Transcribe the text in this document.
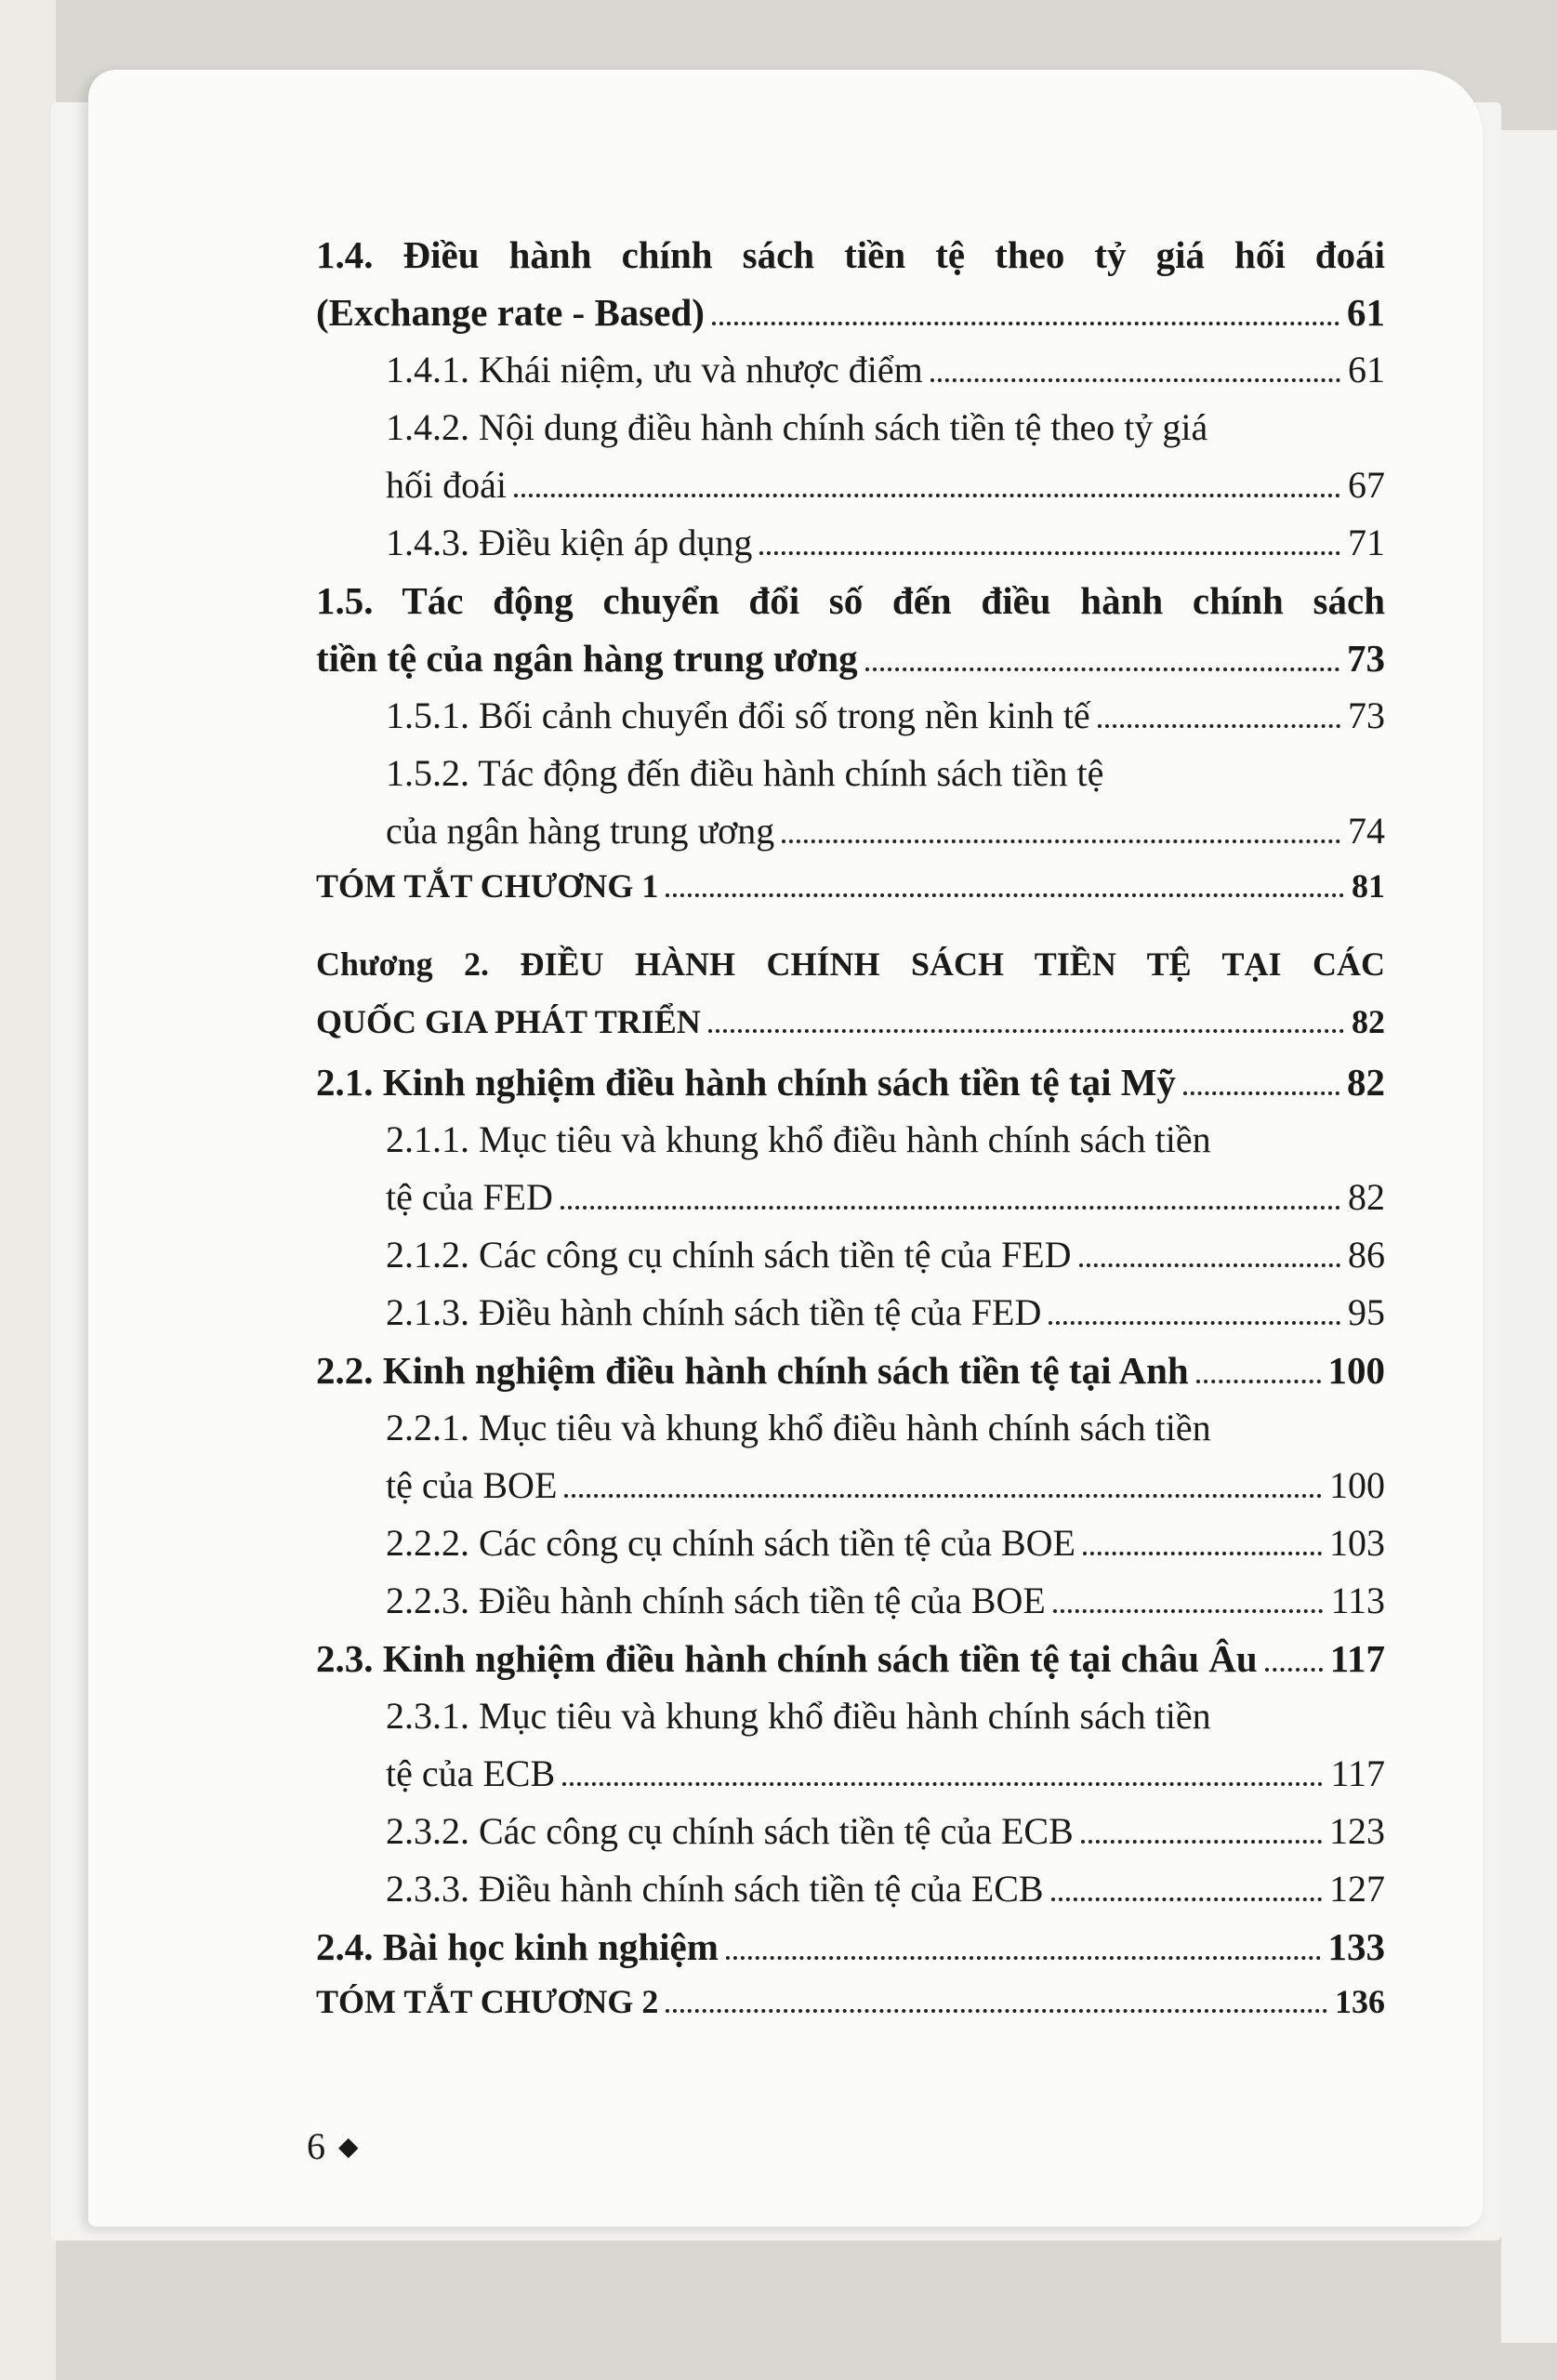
1.4. Điều hành chính sách tiền tệ theo tỷ giá hối đoái
(Exchange rate - Based)	61
1.4.1. Khái niệm, ưu và nhược điểm	61
1.4.2. Nội dung điều hành chính sách tiền tệ theo tỷ giá
hối đoái	67
1.4.3. Điều kiện áp dụng	71
1.5. Tác động chuyển đổi số đến điều hành chính sách
tiền tệ của ngân hàng trung ương	73
1.5.1. Bối cảnh chuyển đổi số trong nền kinh tế	73
1.5.2. Tác động đến điều hành chính sách tiền tệ
của ngân hàng trung ương	74
TÓM TẮT CHƯƠNG 1	81
Chương 2. ĐIỀU HÀNH CHÍNH SÁCH TIỀN TỆ TẠI CÁC
QUỐC GIA PHÁT TRIỂN	82
2.1. Kinh nghiệm điều hành chính sách tiền tệ tại Mỹ	82
2.1.1. Mục tiêu và khung khổ điều hành chính sách tiền
tệ của FED	82
2.1.2. Các công cụ chính sách tiền tệ của FED	86
2.1.3. Điều hành chính sách tiền tệ của FED	95
2.2. Kinh nghiệm điều hành chính sách tiền tệ tại Anh	100
2.2.1. Mục tiêu và khung khổ điều hành chính sách tiền
tệ của BOE	100
2.2.2. Các công cụ chính sách tiền tệ của BOE	103
2.2.3. Điều hành chính sách tiền tệ của BOE	113
2.3. Kinh nghiệm điều hành chính sách tiền tệ tại châu Âu 117
2.3.1. Mục tiêu và khung khổ điều hành chính sách tiền
tệ của ECB	117
2.3.2. Các công cụ chính sách tiền tệ của ECB	123
2.3.3. Điều hành chính sách tiền tệ của ECB	127
2.4. Bài học kinh nghiệm	133
TÓM TẮT CHƯƠNG 2	136
6 ◆
